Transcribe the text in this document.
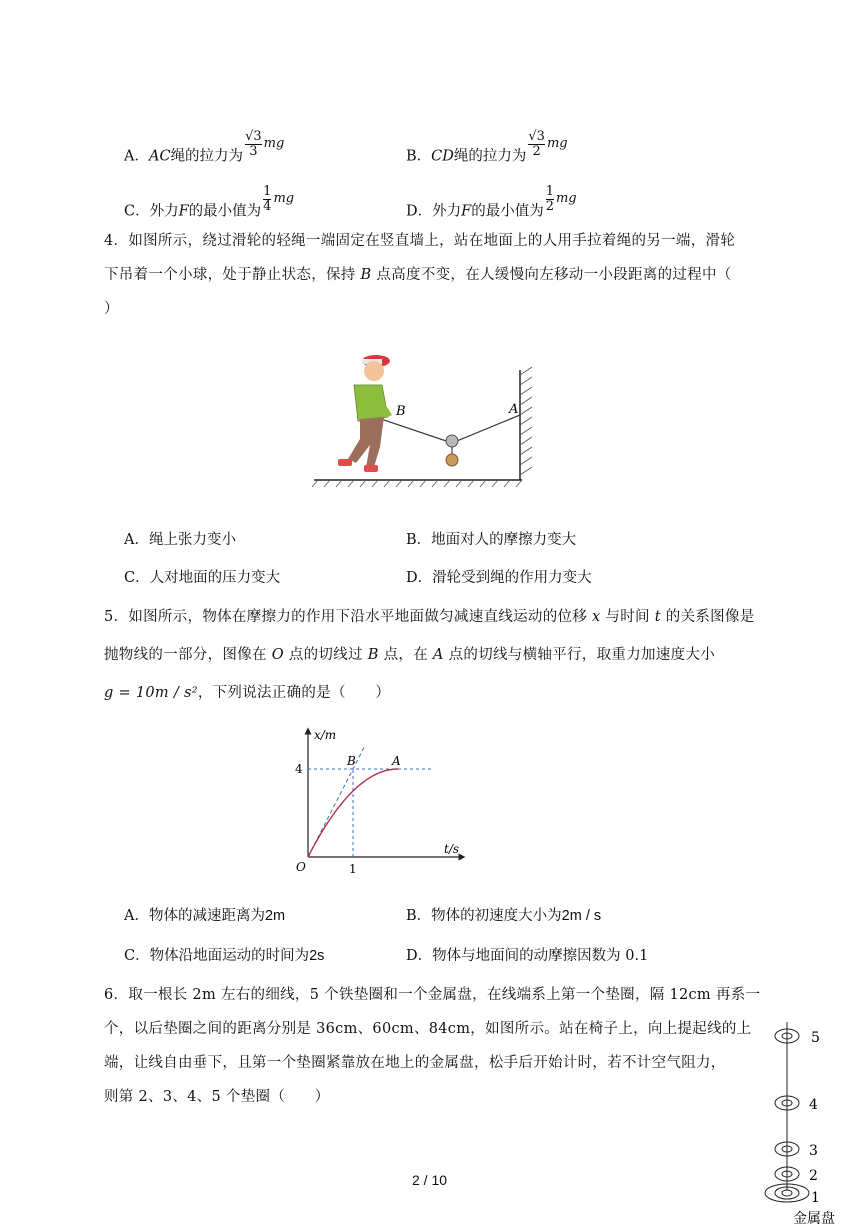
A．AC绳的拉力为 $\frac{√3}{3}$ mg
B．CD绳的拉力为 $\frac{√3}{2}$ mg
C．外力F的最小值为 $\frac{1}{4}$ mg
D．外力F的最小值为 $\frac{1}{2}$ mg
4．如图所示，绕过滑轮的轻绳一端固定在竖直墙上，站在地面上的人用手拉着绳的另一端，滑轮
下吊着一个小球，处于静止状态，保持 B 点高度不变，在人缓慢向左移动一小段距离的过程中（
）
B	A
A．绳上张力变小	B．地面对人的摩擦力变大
C．人对地面的压力变大	D．滑轮受到绳的作用力变大
5．如图所示，物体在摩擦力的作用下沿水平地面做匀减速直线运动的位移 x 与时间 t 的关系图像是
抛物线的一部分，图像在 O 点的切线过 B 点，在 A 点的切线与横轴平行，取重力加速度大小
g = 10m / s²，下列说法正确的是（　　）
B	A
x/m
t/s
O	1
4
A．物体的减速距离为2m	B．物体的初速度大小为2m / s
C．物体沿地面运动的时间为2s	D．物体与地面间的动摩擦因数为 0.1
6．取一根长 2m 左右的细线，5 个铁垫圈和一个金属盘，在线端系上第一个垫圈，隔 12cm 再系一
个，以后垫圈之间的距离分别是 36cm、60cm、84cm，如图所示。站在椅子上，向上提起线的上
端，让线自由垂下，且第一个垫圈紧靠放在地上的金属盘，松手后开始计时，若不计空气阻力，
则第 2、3、4、5 个垫圈（　　）
5
4
3
2
1
金属盘
2 / 10
